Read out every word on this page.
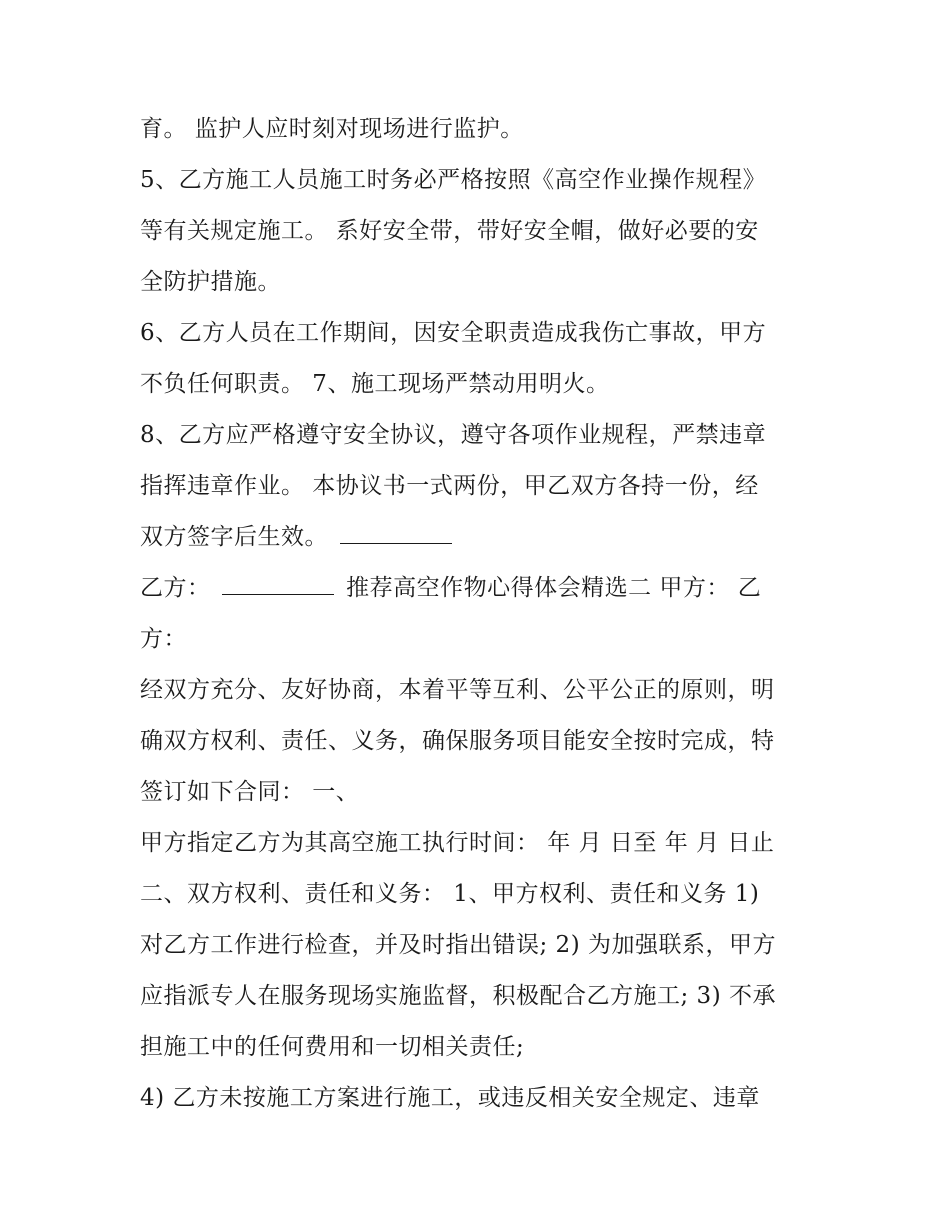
育。 监护人应时刻对现场进行监护。
5、乙方施工人员施工时务必严格按照《高空作业操作规程》
等有关规定施工。 系好安全带，带好安全帽，做好必要的安
全防护措施。
6、乙方人员在工作期间，因安全职责造成我伤亡事故，甲方
不负任何职责。 7、施工现场严禁动用明火。
8、乙方应严格遵守安全协议，遵守各项作业规程，严禁违章
指挥违章作业。 本协议书一式两份，甲乙双方各持一份，经
双方签字后生效。
乙方：	推荐高空作物心得体会精选二 甲方： 乙
方：
经双方充分、友好协商，本着平等互利、公平公正的原则，明
确双方权利、责任、义务，确保服务项目能安全按时完成，特
签订如下合同： 一、
甲方指定乙方为其高空施工执行时间： 年 月 日至 年 月 日止
二、双方权利、责任和义务： 1、甲方权利、责任和义务 1)
对乙方工作进行检查，并及时指出错误; 2) 为加强联系，甲方
应指派专人在服务现场实施监督，积极配合乙方施工; 3) 不承
担施工中的任何费用和一切相关责任;
4) 乙方未按施工方案进行施工，或违反相关安全规定、违章
